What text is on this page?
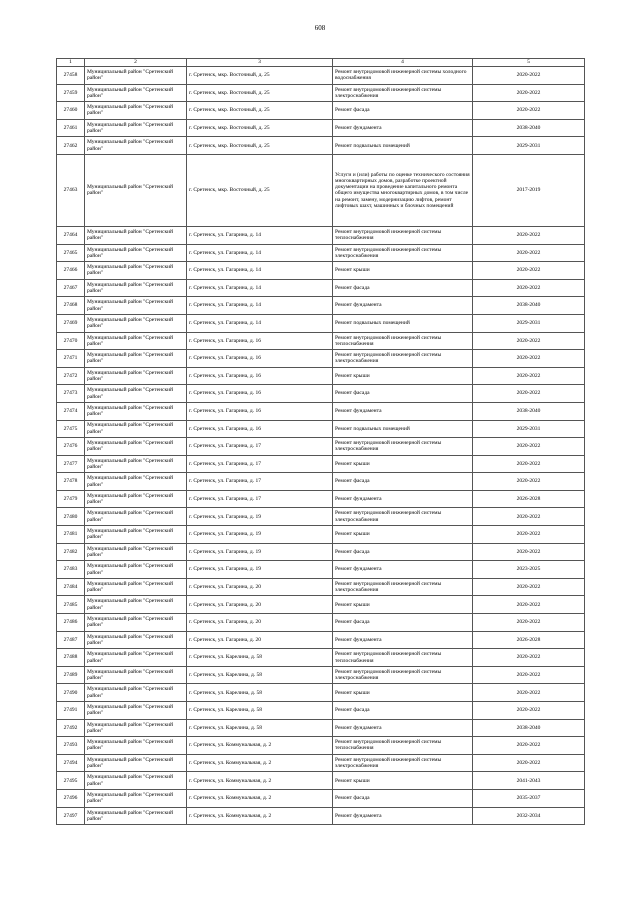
608
1	2	3	4	5
27458	Муниципальный район "Сретенский район"	г. Сретенск, мкр. Восточный, д. 25	Ремонт внутридомовой инженерной системы холодного водоснабжения	2020-2022
27459	Муниципальный район "Сретенский район"	г. Сретенск, мкр. Восточный, д. 25	Ремонт внутридомовой инженерной системы электроснабжения	2020-2022
27460	Муниципальный район "Сретенский район"	г. Сретенск, мкр. Восточный, д. 25	Ремонт фасада	2020-2022
27461	Муниципальный район "Сретенский район"	г. Сретенск, мкр. Восточный, д. 25	Ремонт фундамента	2038-2040
27462	Муниципальный район "Сретенский район"	г. Сретенск, мкр. Восточный, д. 25	Ремонт подвальных помещений	2029-2031
27463	Муниципальный район "Сретенский район"	г. Сретенск, мкр. Восточный, д. 25	Услуги и (или) работы по оценке технического состояния многоквартирных домов, разработке проектной документации на проведение капитального ремонта общего имущества многоквартирных домов, в том числе на ремонт, замену, модернизацию лифтов, ремонт лифтовых шахт, машинных и блочных помещений	2017-2019
27464	Муниципальный район "Сретенский район"	г. Сретенск, ул. Гагарина, д. 14	Ремонт внутридомовой инженерной системы теплоснабжения	2020-2022
27465	Муниципальный район "Сретенский район"	г. Сретенск, ул. Гагарина, д. 14	Ремонт внутридомовой инженерной системы электроснабжения	2020-2022
27466	Муниципальный район "Сретенский район"	г. Сретенск, ул. Гагарина, д. 14	Ремонт крыши	2020-2022
27467	Муниципальный район "Сретенский район"	г. Сретенск, ул. Гагарина, д. 14	Ремонт фасада	2020-2022
27468	Муниципальный район "Сретенский район"	г. Сретенск, ул. Гагарина, д. 14	Ремонт фундамента	2038-2040
27469	Муниципальный район "Сретенский район"	г. Сретенск, ул. Гагарина, д. 14	Ремонт подвальных помещений	2029-2031
27470	Муниципальный район "Сретенский район"	г. Сретенск, ул. Гагарина, д. 16	Ремонт внутридомовой инженерной системы теплоснабжения	2020-2022
27471	Муниципальный район "Сретенский район"	г. Сретенск, ул. Гагарина, д. 16	Ремонт внутридомовой инженерной системы электроснабжения	2020-2022
27472	Муниципальный район "Сретенский район"	г. Сретенск, ул. Гагарина, д. 16	Ремонт крыши	2020-2022
27473	Муниципальный район "Сретенский район"	г. Сретенск, ул. Гагарина, д. 16	Ремонт фасада	2020-2022
27474	Муниципальный район "Сретенский район"	г. Сретенск, ул. Гагарина, д. 16	Ремонт фундамента	2038-2040
27475	Муниципальный район "Сретенский район"	г. Сретенск, ул. Гагарина, д. 16	Ремонт подвальных помещений	2029-2031
27476	Муниципальный район "Сретенский район"	г. Сретенск, ул. Гагарина, д. 17	Ремонт внутридомовой инженерной системы электроснабжения	2020-2022
27477	Муниципальный район "Сретенский район"	г. Сретенск, ул. Гагарина, д. 17	Ремонт крыши	2020-2022
27478	Муниципальный район "Сретенский район"	г. Сретенск, ул. Гагарина, д. 17	Ремонт фасада	2020-2022
27479	Муниципальный район "Сретенский район"	г. Сретенск, ул. Гагарина, д. 17	Ремонт фундамента	2026-2028
27480	Муниципальный район "Сретенский район"	г. Сретенск, ул. Гагарина, д. 19	Ремонт внутридомовой инженерной системы электроснабжения	2020-2022
27481	Муниципальный район "Сретенский район"	г. Сретенск, ул. Гагарина, д. 19	Ремонт крыши	2020-2022
27482	Муниципальный район "Сретенский район"	г. Сретенск, ул. Гагарина, д. 19	Ремонт фасада	2020-2022
27483	Муниципальный район "Сретенский район"	г. Сретенск, ул. Гагарина, д. 19	Ремонт фундамента	2023-2025
27484	Муниципальный район "Сретенский район"	г. Сретенск, ул. Гагарина, д. 20	Ремонт внутридомовой инженерной системы электроснабжения	2020-2022
27485	Муниципальный район "Сретенский район"	г. Сретенск, ул. Гагарина, д. 20	Ремонт крыши	2020-2022
27486	Муниципальный район "Сретенский район"	г. Сретенск, ул. Гагарина, д. 20	Ремонт фасада	2020-2022
27487	Муниципальный район "Сретенский район"	г. Сретенск, ул. Гагарина, д. 20	Ремонт фундамента	2026-2028
27488	Муниципальный район "Сретенский район"	г. Сретенск, ул. Карелина, д. 58	Ремонт внутридомовой инженерной системы теплоснабжения	2020-2022
27489	Муниципальный район "Сретенский район"	г. Сретенск, ул. Карелина, д. 58	Ремонт внутридомовой инженерной системы электроснабжения	2020-2022
27490	Муниципальный район "Сретенский район"	г. Сретенск, ул. Карелина, д. 58	Ремонт крыши	2020-2022
27491	Муниципальный район "Сретенский район"	г. Сретенск, ул. Карелина, д. 58	Ремонт фасада	2020-2022
27492	Муниципальный район "Сретенский район"	г. Сретенск, ул. Карелина, д. 58	Ремонт фундамента	2038-2040
27493	Муниципальный район "Сретенский район"	г. Сретенск, ул. Коммунальная, д. 2	Ремонт внутридомовой инженерной системы теплоснабжения	2020-2022
27494	Муниципальный район "Сретенский район"	г. Сретенск, ул. Коммунальная, д. 2	Ремонт внутридомовой инженерной системы электроснабжения	2020-2022
27495	Муниципальный район "Сретенский район"	г. Сретенск, ул. Коммунальная, д. 2	Ремонт крыши	2041-2043
27496	Муниципальный район "Сретенский район"	г. Сретенск, ул. Коммунальная, д. 2	Ремонт фасада	2035-2037
27497	Муниципальный район "Сретенский район"	г. Сретенск, ул. Коммунальная, д. 2	Ремонт фундамента	2032-2034
